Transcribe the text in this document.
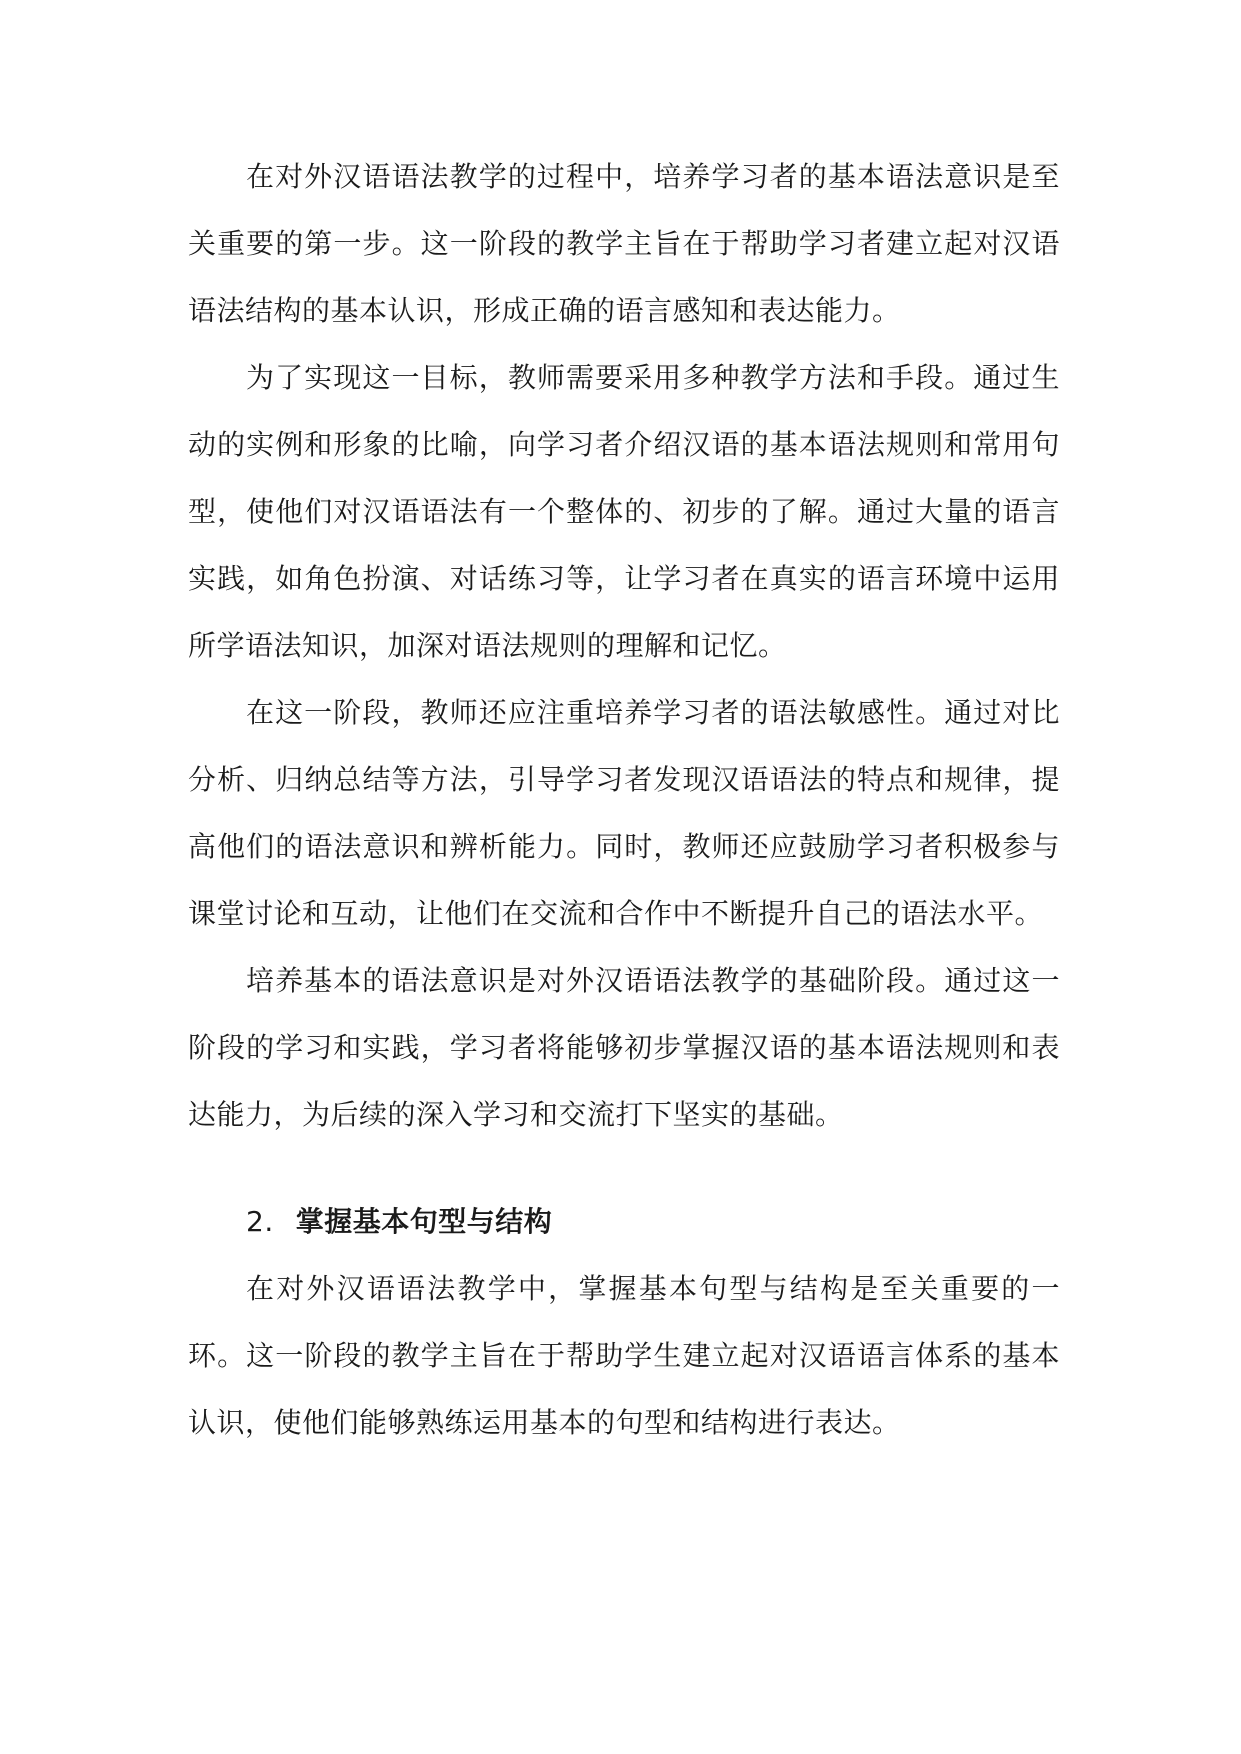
在对外汉语语法教学的过程中，培养学习者的基本语法意识是至关重要的第一步。这一阶段的教学主旨在于帮助学习者建立起对汉语语法结构的基本认识，形成正确的语言感知和表达能力。

为了实现这一目标，教师需要采用多种教学方法和手段。通过生动的实例和形象的比喻，向学习者介绍汉语的基本语法规则和常用句型，使他们对汉语语法有一个整体的、初步的了解。通过大量的语言实践，如角色扮演、对话练习等，让学习者在真实的语言环境中运用所学语法知识，加深对语法规则的理解和记忆。

在这一阶段，教师还应注重培养学习者的语法敏感性。通过对比分析、归纳总结等方法，引导学习者发现汉语语法的特点和规律，提高他们的语法意识和辨析能力。同时，教师还应鼓励学习者积极参与课堂讨论和互动，让他们在交流和合作中不断提升自己的语法水平。

培养基本的语法意识是对外汉语语法教学的基础阶段。通过这一阶段的学习和实践，学习者将能够初步掌握汉语的基本语法规则和表达能力，为后续的深入学习和交流打下坚实的基础。

2. 掌握基本句型与结构

在对外汉语语法教学中，掌握基本句型与结构是至关重要的一环。这一阶段的教学主旨在于帮助学生建立起对汉语语言体系的基本认识，使他们能够熟练运用基本的句型和结构进行表达。
